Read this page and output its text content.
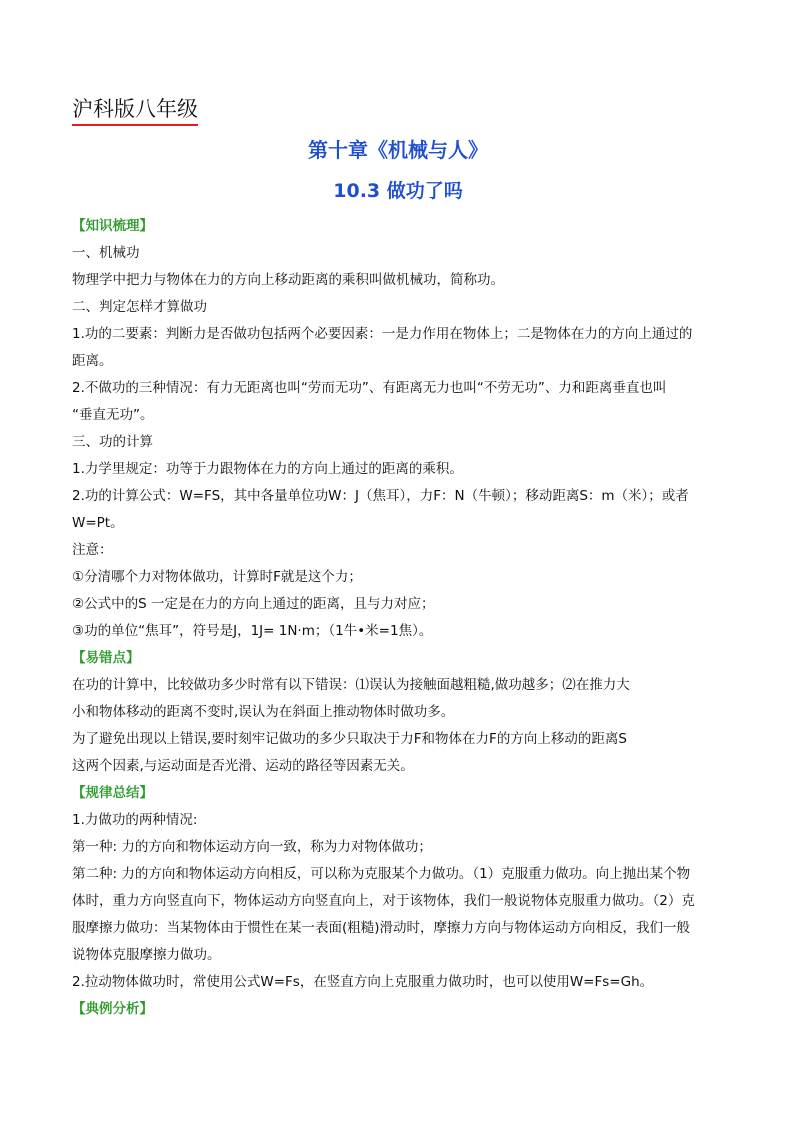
沪科版八年级
第十章《机械与人》
10.3 做功了吗
【知识梳理】
一、机械功
物理学中把力与物体在力的方向上移动距离的乘积叫做机械功，简称功。
二、判定怎样才算做功
1.功的二要素：判断力是否做功包括两个必要因素：一是力作用在物体上；二是物体在力的方向上通过的
距离。
2.不做功的三种情况：有力无距离也叫“劳而无功”、有距离无力也叫“不劳无功”、力和距离垂直也叫
“垂直无功”。
三、功的计算
1.力学里规定：功等于力跟物体在力的方向上通过的距离的乘积。
2.功的计算公式：W=FS，其中各量单位功W：J（焦耳），力F：N（牛顿）；移动距离S：m（米）；或者
W=Pt。
注意：
①分清哪个力对物体做功，计算时F就是这个力；
②公式中的S 一定是在力的方向上通过的距离，且与力对应；
③功的单位“焦耳”，符号是J，1J= 1N·m；（1牛•米=1焦）。
【易错点】
在功的计算中，比较做功多少时常有以下错误：⑴误认为接触面越粗糙,做功越多；⑵在推力大
小和物体移动的距离不变时,误认为在斜面上推动物体时做功多。
为了避免出现以上错误,要时刻牢记做功的多少只取决于力F和物体在力F的方向上移动的距离S
这两个因素,与运动面是否光滑、运动的路径等因素无关。
【规律总结】
1.力做功的两种情况:
第一种: 力的方向和物体运动方向一致，称为力对物体做功；
第二种: 力的方向和物体运动方向相反，可以称为克服某个力做功。（1）克服重力做功。向上抛出某个物
体时，重力方向竖直向下，物体运动方向竖直向上，对于该物体，我们一般说物体克服重力做功。（2）克
服摩擦力做功：当某物体由于惯性在某一表面(粗糙)滑动时，摩擦力方向与物体运动方向相反，我们一般
说物体克服摩擦力做功。
2.拉动物体做功时，常使用公式W=Fs，在竖直方向上克服重力做功时，也可以使用W=Fs=Gh。
【典例分析】
